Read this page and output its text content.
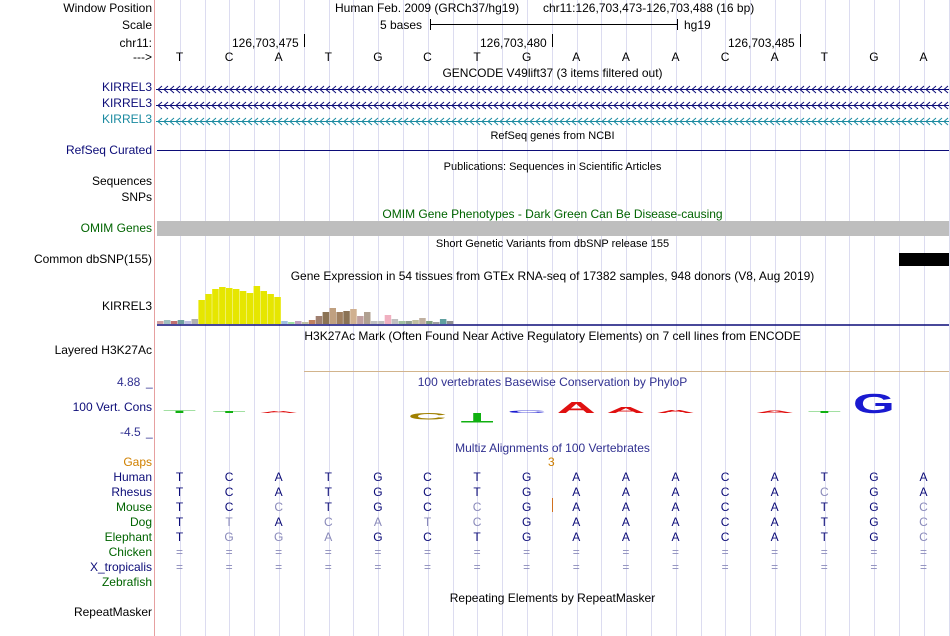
Window Position
Scale
chr11:
--->
KIRREL3
KIRREL3
KIRREL3
RefSeq Curated
Sequences
SNPs
OMIM Genes
Common dbSNP(155)
KIRREL3
Layered H3K27Ac
100 Vert. Cons
Gaps
Human
Rhesus
Mouse
Dog
Elephant
Chicken
X_tropicalis
Zebrafish
RepeatMasker
Human Feb. 2009 (GRCh37/hg19) chr11:126,703,473-126,703,488 (16 bp)
5 bases	hg19
126,703,475	126,703,480	126,703,485
T	C	A	T	G	C	T	G	A	A	A	C	A	T	G	A
GENCODE V49lift37 (3 items filtered out)
RefSeq genes from NCBI
Publications: Sequences in Scientific Articles
OMIM Gene Phenotypes - Dark Green Can Be Disease-causing
Short Genetic Variants from dbSNP release 155
Gene Expression in 54 tissues from GTEx RNA-seq of 17382 samples, 948 donors (V8, Aug 2019)
H3K27Ac Mark (Often Found Near Active Regulatory Elements) on 7 cell lines from ENCODE
100 vertebrates Basewise Conservation by PhyloP
4.88 _
-4.5 _
Multiz Alignments of 100 Vertebrates
3
T	C	A	T	G	C	T	G	A	A	A	C	A	T	G	A
T	C	A	T	G	C	T	G	A	A	A	C	A	C	G	A
T	C	C	T	G	C	C	G	A	A	A	C	A	T	G	C
T	T	A	C	A	T	C	G	A	A	A	C	A	T	G	C
T	G	G	A	G	C	T	G	A	A	A	C	A	T	G	C
=	=	=	=	=	=	=	=	=	=	=	=	=	=	=	=
=	=	=	=	=	=	=	=	=	=	=	=	=	=	=	=
Repeating Elements by RepeatMasker
G
A A A
C	A
T T A	T
C T
